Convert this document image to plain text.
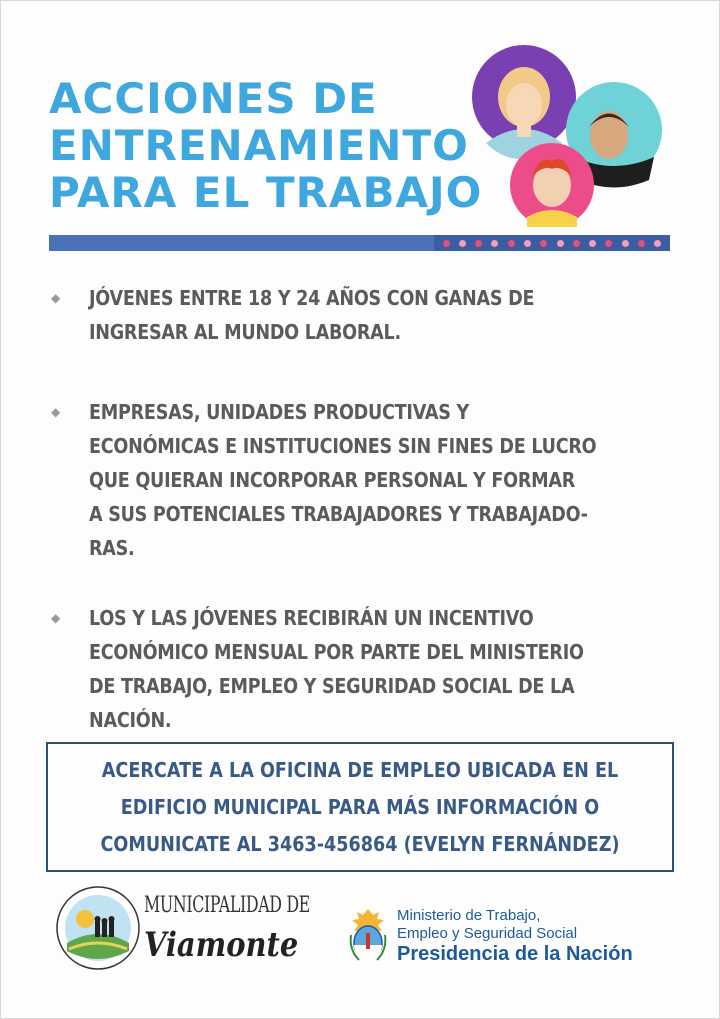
ACCIONES DE
ENTRENAMIENTO
PARA EL TRABAJO
◆	JÓVENES ENTRE 18 Y 24 AÑOS CON GANAS DE
INGRESAR AL MUNDO LABORAL.
◆	EMPRESAS, UNIDADES PRODUCTIVAS Y
ECONÓMICAS E INSTITUCIONES SIN FINES DE LUCRO
QUE QUIERAN INCORPORAR PERSONAL Y FORMAR
A SUS POTENCIALES TRABAJADORES Y TRABAJADO-
RAS.
◆	LOS Y LAS JÓVENES RECIBIRÁN UN INCENTIVO
ECONÓMICO MENSUAL POR PARTE DEL MINISTERIO
DE TRABAJO, EMPLEO Y SEGURIDAD SOCIAL DE LA
NACIÓN.
ACERCATE A LA OFICINA DE EMPLEO UBICADA EN EL
EDIFICIO MUNICIPAL PARA MÁS INFORMACIÓN O
COMUNICATE AL 3463-456864 (EVELYN FERNÁNDEZ)
MUNICIPALIDAD DE
Viamonte
Ministerio de Trabajo,
Empleo y Seguridad Social
Presidencia de la Nación
